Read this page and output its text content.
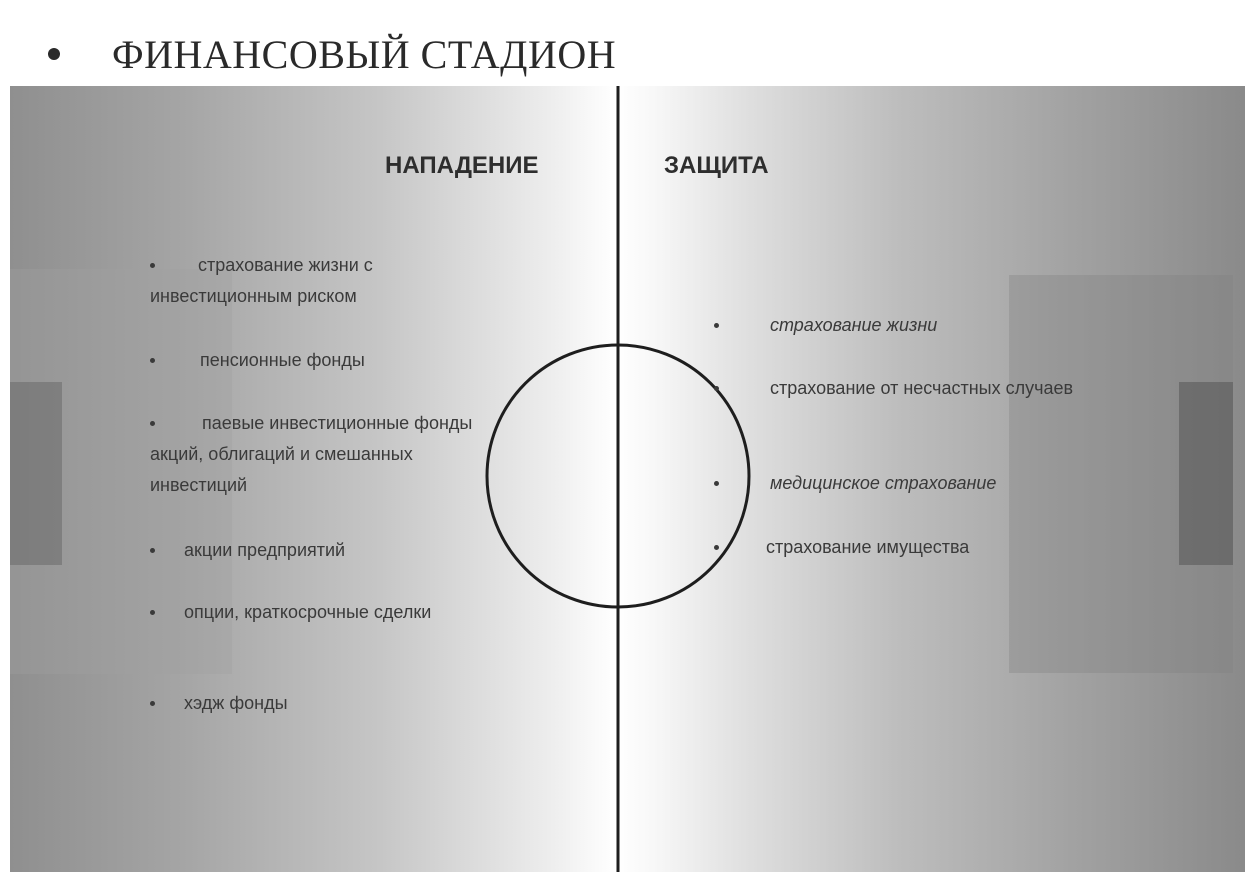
ФИНАНСОВЫЙ СТАДИОН
НАПАДЕНИЕ	ЗАЩИТА
страхование жизни с инвестиционным риском
пенсионные фонды
паевые инвестиционные фонды акций, облигаций и смешанных инвестиций
акции предприятий
опции, краткосрочные сделки
хэдж фонды
страхование жизни
страхование от несчастных случаев
медицинское страхование
страхование имущества
